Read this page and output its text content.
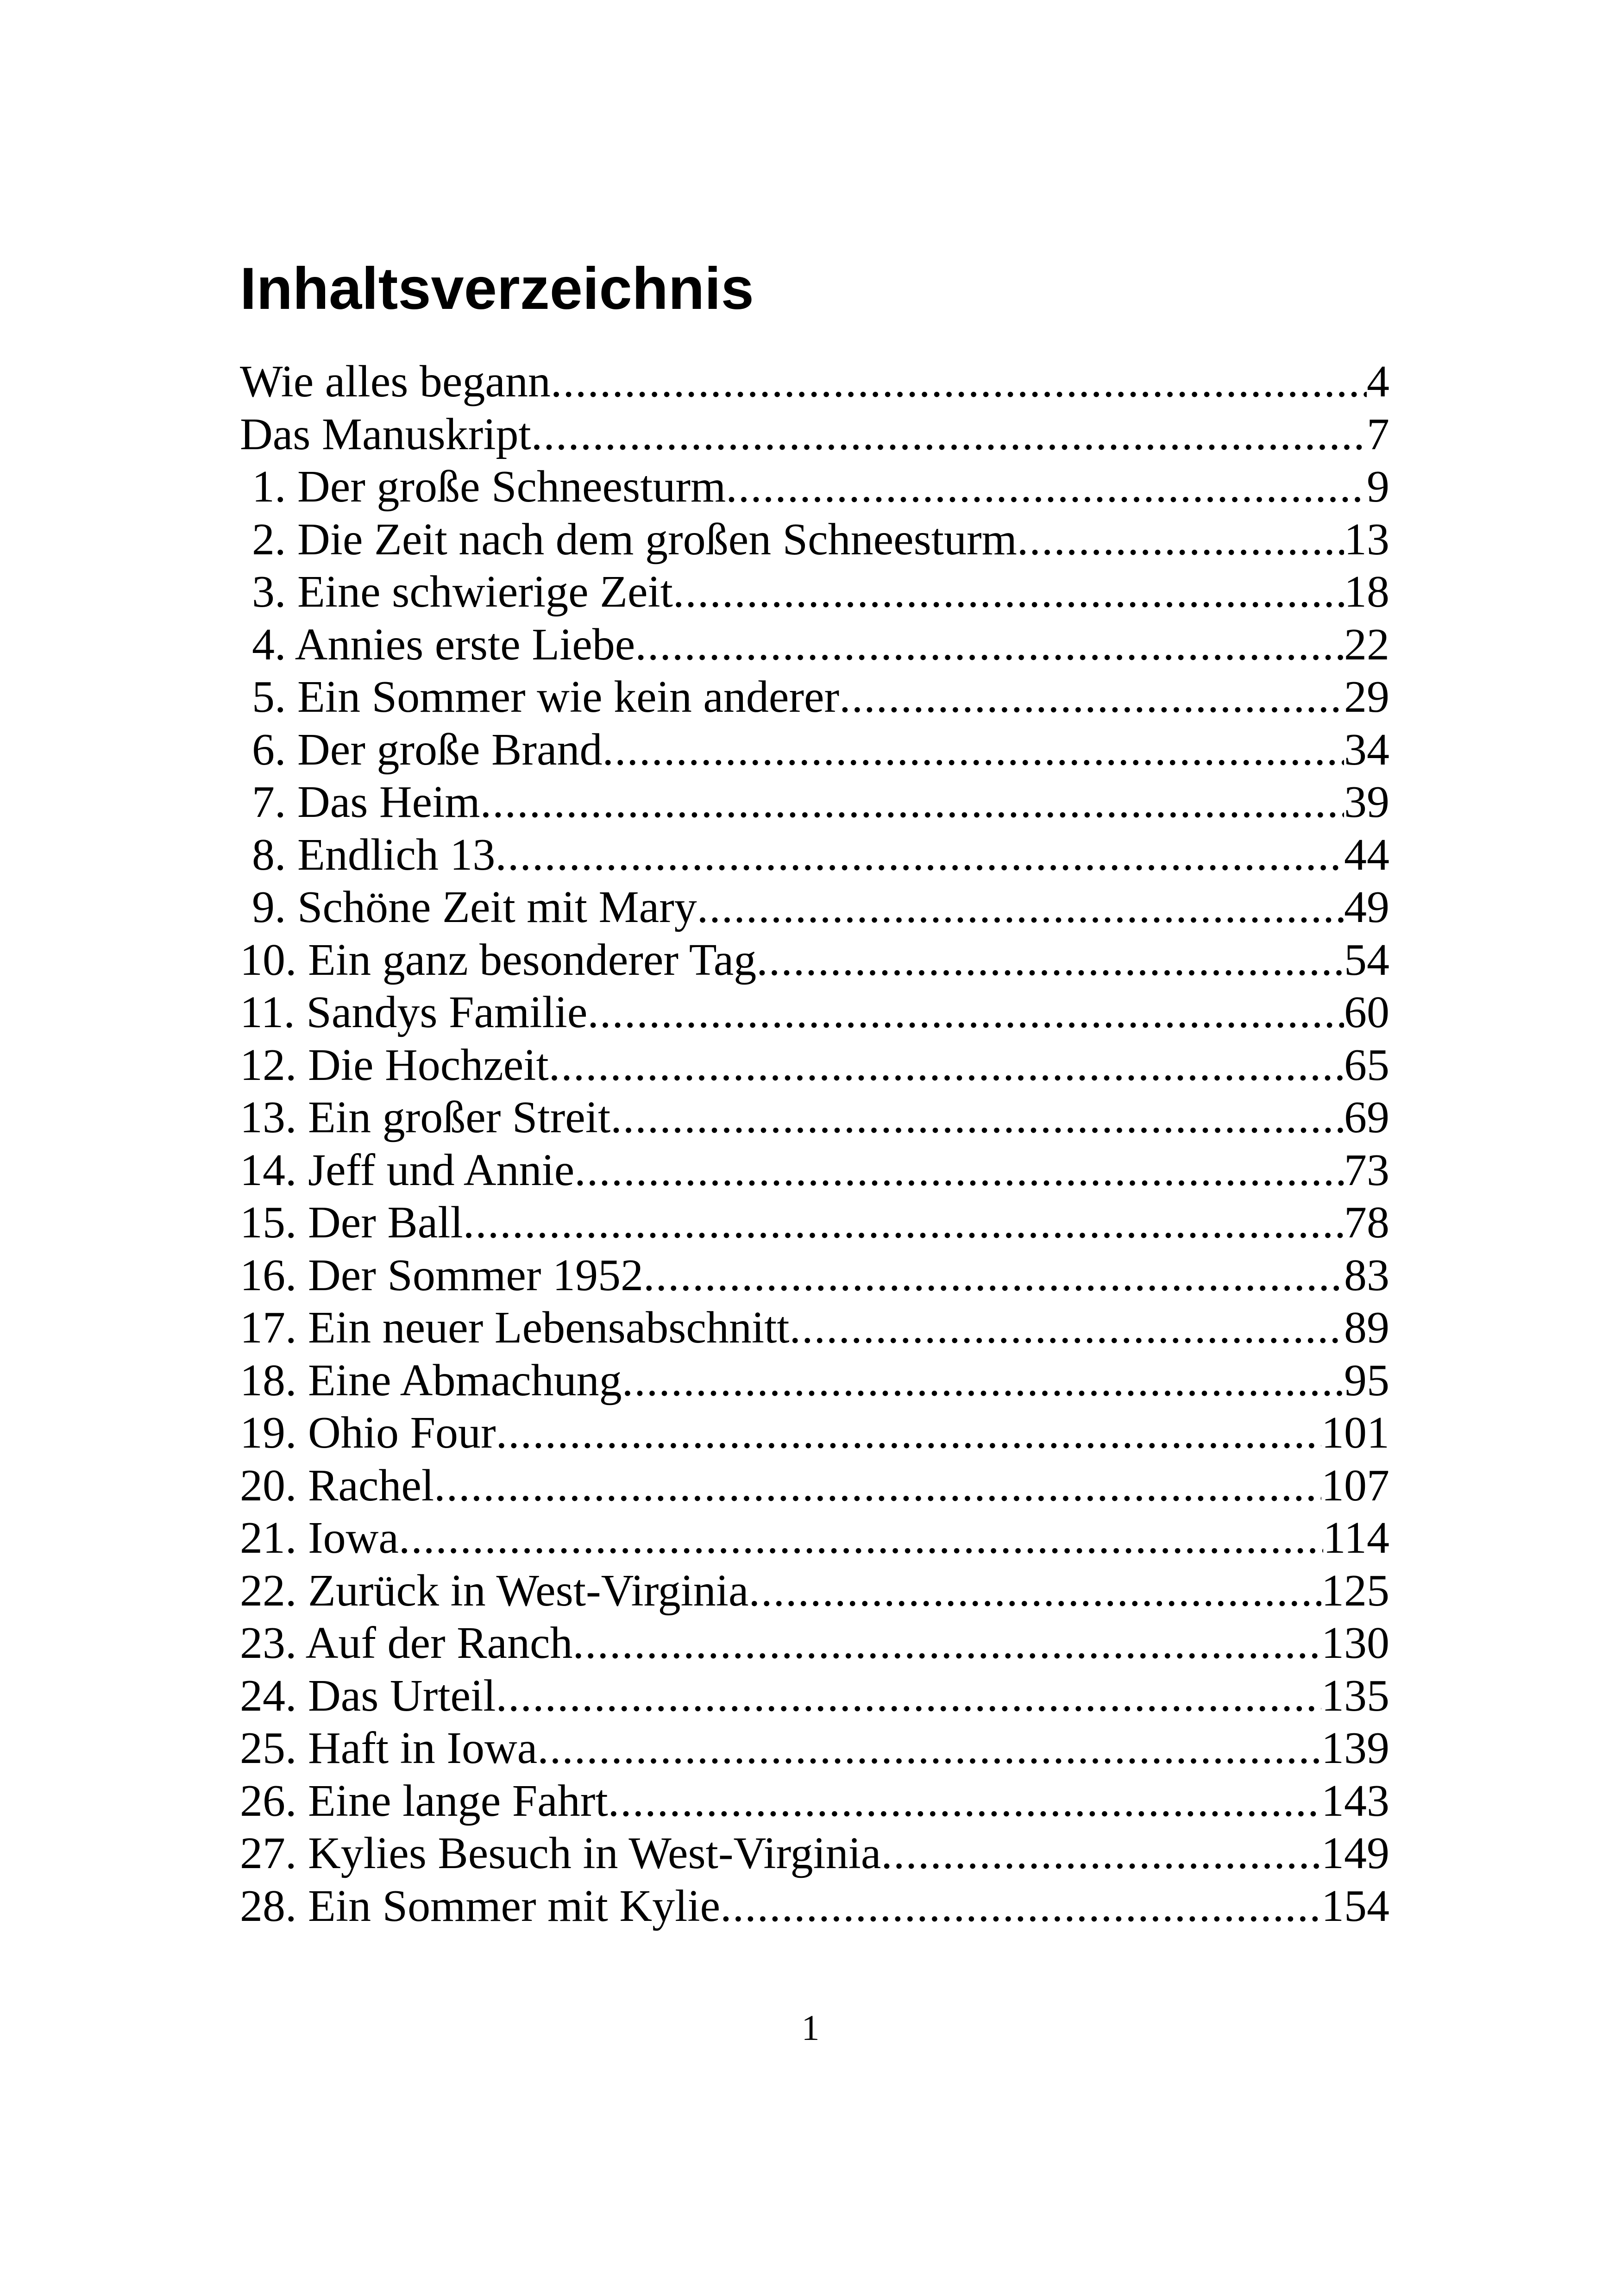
Inhaltsverzeichnis
Wie alles begann .....	4
Das Manuskript .....	7
1. Der große Schneesturm .....	9
2. Die Zeit nach dem großen Schneesturm .....	13
3. Eine schwierige Zeit .....	18
4. Annies erste Liebe .....	22
5. Ein Sommer wie kein anderer .....	29
6. Der große Brand .....	34
7. Das Heim .....	39
8. Endlich 13 .....	44
9. Schöne Zeit mit Mary .....	49
10. Ein ganz besonderer Tag .....	54
11. Sandys Familie .....	60
12. Die Hochzeit .....	65
13. Ein großer Streit .....	69
14. Jeff und Annie .....	73
15. Der Ball .....	78
16. Der Sommer 1952 .....	83
17. Ein neuer Lebensabschnitt .....	89
18. Eine Abmachung .....	95
19. Ohio Four .....	101
20. Rachel .....	107
21. Iowa .....	114
22. Zurück in West-Virginia .....	125
23. Auf der Ranch .....	130
24. Das Urteil .....	135
25. Haft in Iowa .....	139
26. Eine lange Fahrt .....	143
27. Kylies Besuch in West-Virginia .....	149
28. Ein Sommer mit Kylie .....	154
1
